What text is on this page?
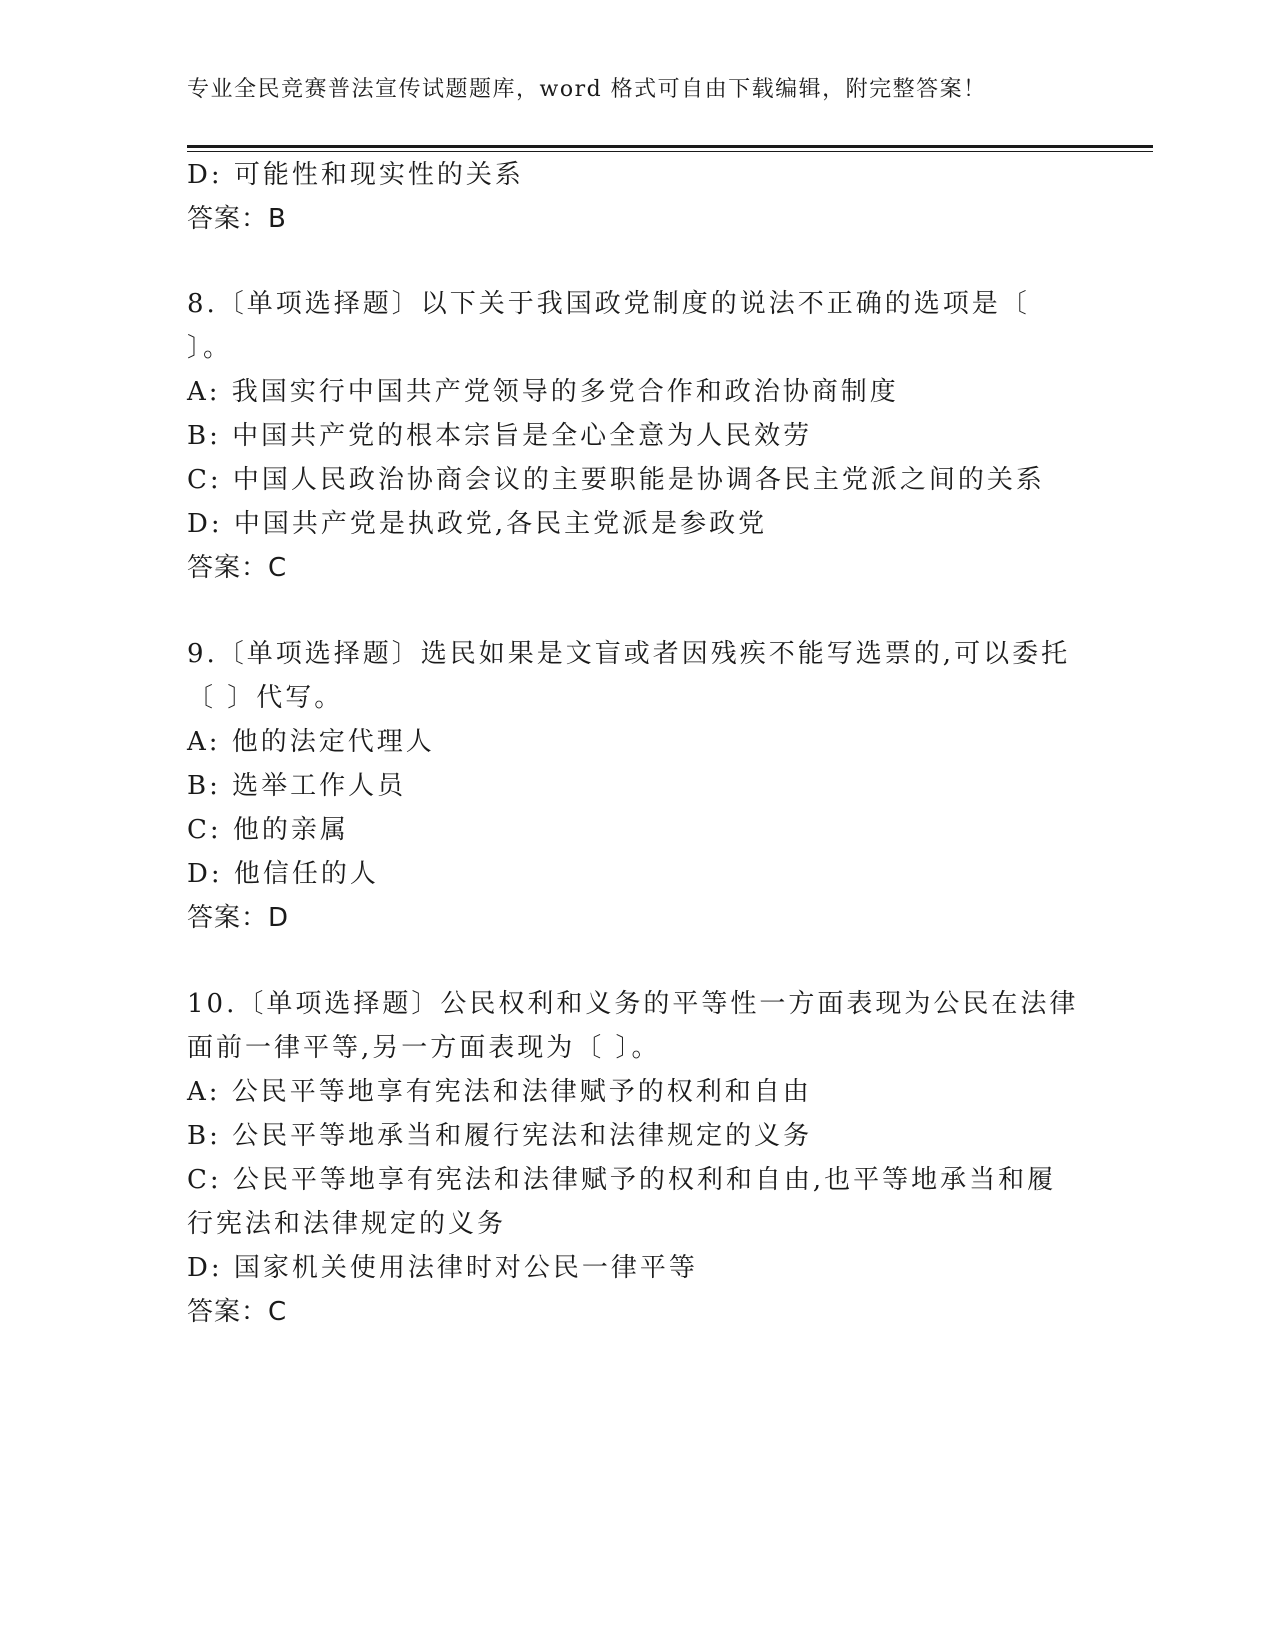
专业全民竞赛普法宣传试题题库，word 格式可自由下载编辑，附完整答案！
D: 可能性和现实性的关系
答案：B
8.〔单项选择题〕以下关于我国政党制度的说法不正确的选项是〔
〕。
A: 我国实行中国共产党领导的多党合作和政治协商制度
B: 中国共产党的根本宗旨是全心全意为人民效劳
C: 中国人民政治协商会议的主要职能是协调各民主党派之间的关系
D: 中国共产党是执政党,各民主党派是参政党
答案：C
9.〔单项选择题〕选民如果是文盲或者因残疾不能写选票的,可以委托
〔 〕代写。
A: 他的法定代理人
B: 选举工作人员
C: 他的亲属
D: 他信任的人
答案：D
10.〔单项选择题〕公民权利和义务的平等性一方面表现为公民在法律
面前一律平等,另一方面表现为〔 〕。
A: 公民平等地享有宪法和法律赋予的权利和自由
B: 公民平等地承当和履行宪法和法律规定的义务
C: 公民平等地享有宪法和法律赋予的权利和自由,也平等地承当和履
行宪法和法律规定的义务
D: 国家机关使用法律时对公民一律平等
答案：C
